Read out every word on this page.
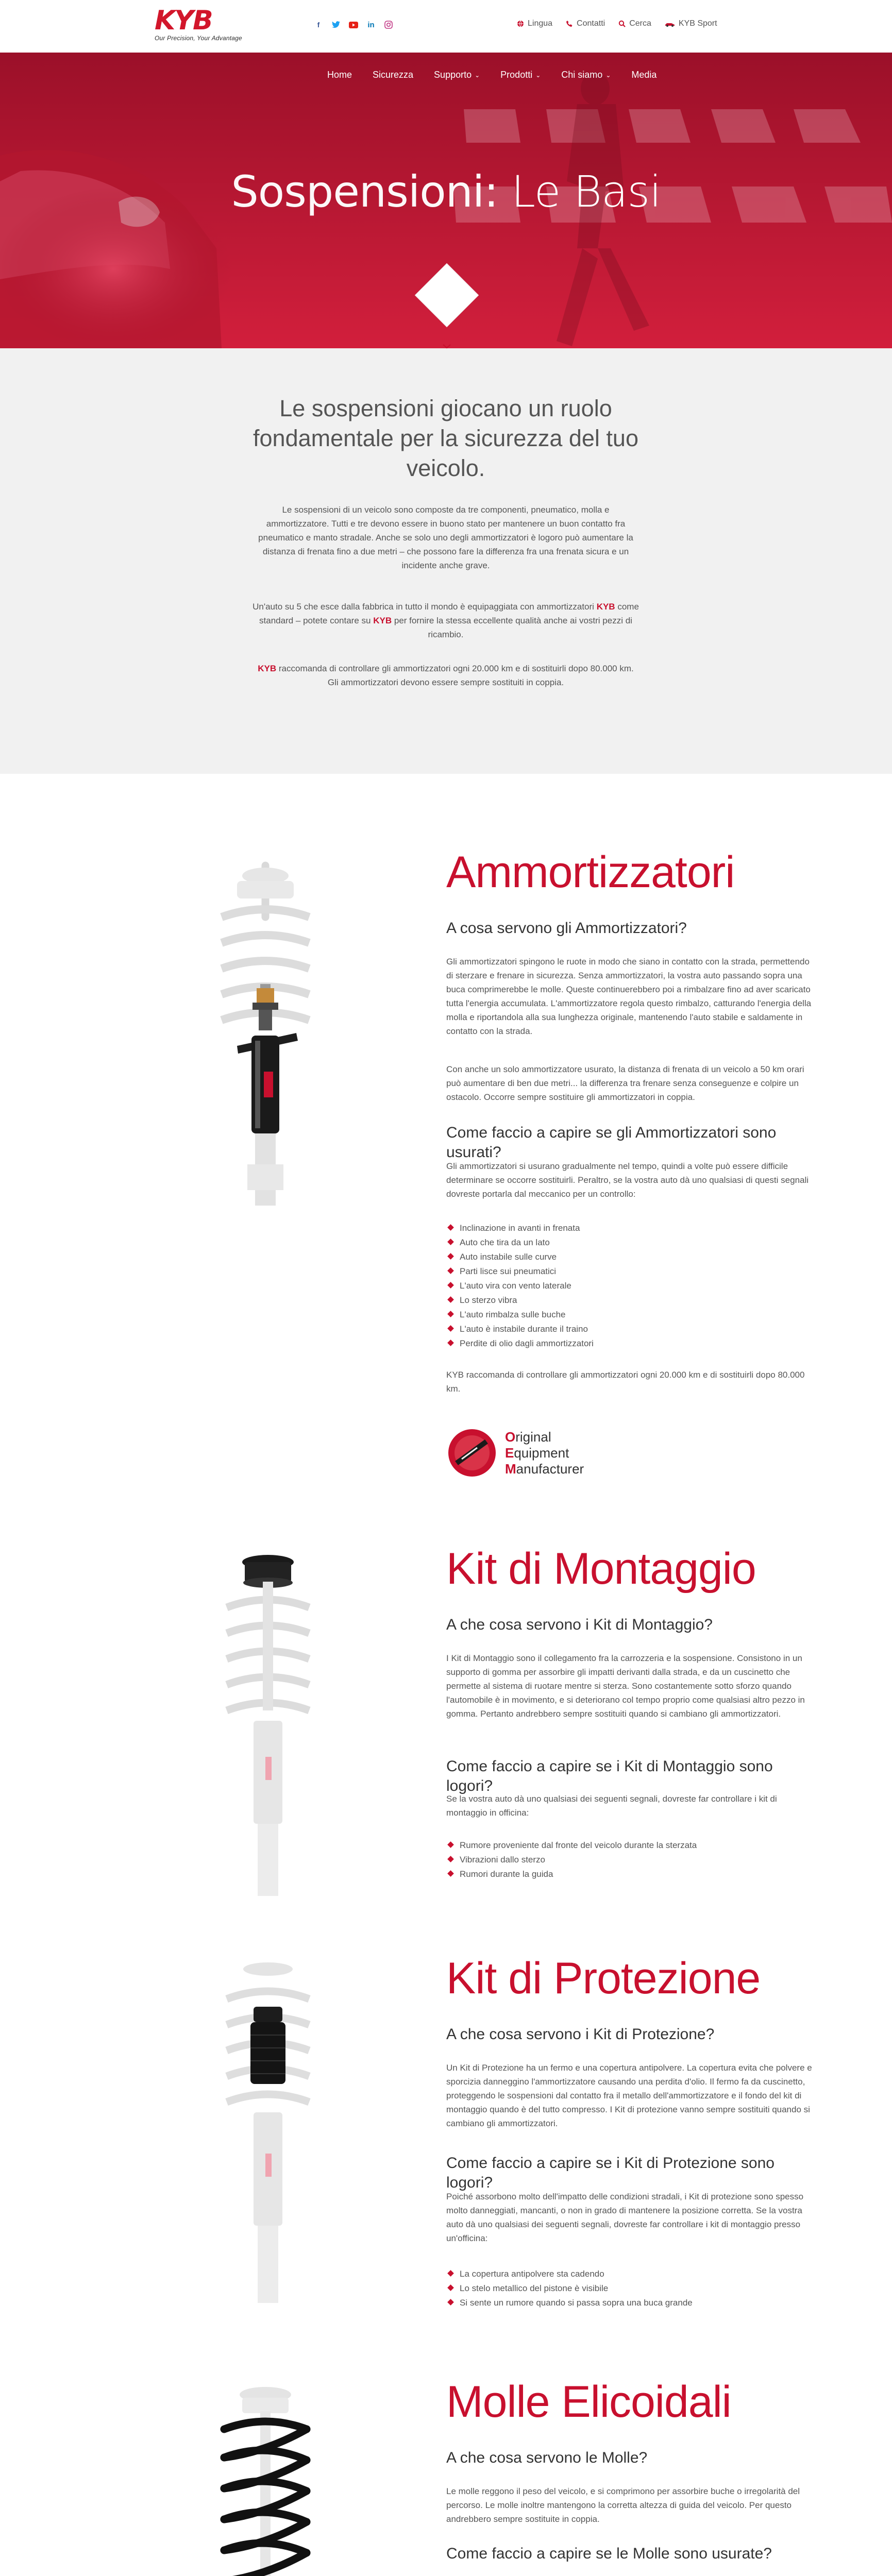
KYB
Our Precision, Your Advantage
f	in	Lingua	Contatti	Cerca	KYB Sport
Home Sicurezza Supporto ⌄ Prodotti ⌄ Chi siamo ⌄ Media
Sospensioni: Le Basi
Le sospensioni giocano un ruolo fondamentale per la sicurezza del tuo veicolo.
Le sospensioni di un veicolo sono composte da tre componenti, pneumatico, molla e ammortizzatore. Tutti e tre devono essere in buono stato per mantenere un buon contatto fra pneumatico e manto stradale. Anche se solo uno degli ammortizzatori è logoro può aumentare la distanza di frenata fino a due metri – che possono fare la differenza fra una frenata sicura e un incidente anche grave.
Un'auto su 5 che esce dalla fabbrica in tutto il mondo è equipaggiata con ammortizzatori KYB come standard – potete contare su KYB per fornire la stessa eccellente qualità anche ai vostri pezzi di ricambio.
KYB raccomanda di controllare gli ammortizzatori ogni 20.000 km e di sostituirli dopo 80.000 km. Gli ammortizzatori devono essere sempre sostituiti in coppia.
Ammortizzatori
A cosa servono gli Ammortizzatori?
Gli ammortizzatori spingono le ruote in modo che siano in contatto con la strada, permettendo di sterzare e frenare in sicurezza. Senza ammortizzatori, la vostra auto passando sopra una buca comprimerebbe le molle. Queste continuerebbero poi a rimbalzare fino ad aver scaricato tutta l'energia accumulata. L'ammortizzatore regola questo rimbalzo, catturando l'energia della molla e riportandola alla sua lunghezza originale, mantenendo l'auto stabile e saldamente in contatto con la strada.
Con anche un solo ammortizzatore usurato, la distanza di frenata di un veicolo a 50 km orari può aumentare di ben due metri... la differenza tra frenare senza conseguenze e colpire un ostacolo. Occorre sempre sostituire gli ammortizzatori in coppia.
Come faccio a capire se gli Ammortizzatori sono usurati?
Gli ammortizzatori si usurano gradualmente nel tempo, quindi a volte può essere difficile determinare se occorre sostituirli. Peraltro, se la vostra auto dà uno qualsiasi di questi segnali dovreste portarla dal meccanico per un controllo:
Inclinazione in avanti in frenata
Auto che tira da un lato
Auto instabile sulle curve
Parti lisce sui pneumatici
L'auto vira con vento laterale
Lo sterzo vibra
L'auto rimbalza sulle buche
L'auto è instabile durante il traino
Perdite di olio dagli ammortizzatori
KYB raccomanda di controllare gli ammortizzatori ogni 20.000 km e di sostituirli dopo 80.000 km.
Original
Equipment
Manufacturer
Kit di Montaggio
A che cosa servono i Kit di Montaggio?
I Kit di Montaggio sono il collegamento fra la carrozzeria e la sospensione. Consistono in un supporto di gomma per assorbire gli impatti derivanti dalla strada, e da un cuscinetto che permette al sistema di ruotare mentre si sterza. Sono costantemente sotto sforzo quando l'automobile è in movimento, e si deteriorano col tempo proprio come qualsiasi altro pezzo in gomma. Pertanto andrebbero sempre sostituiti quando si cambiano gli ammortizzatori.
Come faccio a capire se i Kit di Montaggio sono logori?
Se la vostra auto dà uno qualsiasi dei seguenti segnali, dovreste far controllare i kit di montaggio in officina:
Rumore proveniente dal fronte del veicolo durante la sterzata
Vibrazioni dallo sterzo
Rumori durante la guida
Kit di Protezione
A che cosa servono i Kit di Protezione?
Un Kit di Protezione ha un fermo e una copertura antipolvere. La copertura evita che polvere e sporcizia danneggino l'ammortizzatore causando una perdita d'olio. Il fermo fa da cuscinetto, proteggendo le sospensioni dal contatto fra il metallo dell'ammortizzatore e il fondo del kit di montaggio quando è del tutto compresso. I Kit di protezione vanno sempre sostituiti quando si cambiano gli ammortizzatori.
Come faccio a capire se i Kit di Protezione sono logori?
Poiché assorbono molto dell'impatto delle condizioni stradali, i Kit di protezione sono spesso molto danneggiati, mancanti, o non in grado di mantenere la posizione corretta. Se la vostra auto dà uno qualsiasi dei seguenti segnali, dovreste far controllare i kit di montaggio presso un'officina:
La copertura antipolvere sta cadendo
Lo stelo metallico del pistone è visibile
Si sente un rumore quando si passa sopra una buca grande
Molle Elicoidali
A che cosa servono le Molle?
Le molle reggono il peso del veicolo, e si comprimono per assorbire buche o irregolarità del percorso. Le molle inoltre mantengono la corretta altezza di guida del veicolo. Per questo andrebbero sempre sostituite in coppia.
Come faccio a capire se le Molle sono usurate?
